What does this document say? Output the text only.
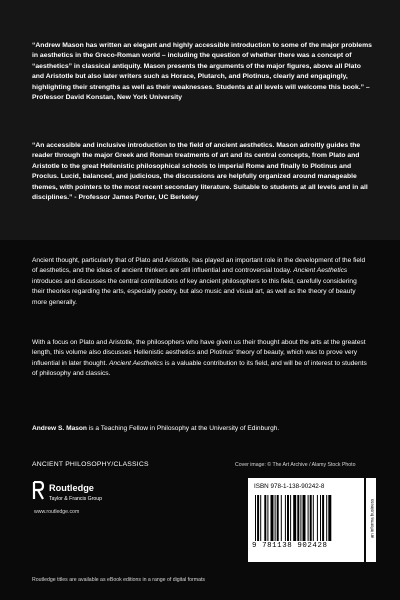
“Andrew Mason has written an elegant and highly accessible introduction to some of the major problems in aesthetics in the Greco-Roman world – including the question of whether there was a concept of “aesthetics” in classical antiquity. Mason presents the arguments of the major figures, above all Plato and Aristotle but also later writers such as Horace, Plutarch, and Plotinus, clearly and engagingly, highlighting their strengths as well as their weaknesses. Students at all levels will welcome this book.” – Professor David Konstan, New York University
“An accessible and inclusive introduction to the field of ancient aesthetics. Mason adroitly guides the reader through the major Greek and Roman treatments of art and its central concepts, from Plato and Aristotle to the great Hellenistic philosophical schools to imperial Rome and finally to Plotinus and Proclus. Lucid, balanced, and judicious, the discussions are helpfully organized around manageable themes, with pointers to the most recent secondary literature. Suitable to students at all levels and in all disciplines.” - Professor James Porter, UC Berkeley
Ancient thought, particularly that of Plato and Aristotle, has played an important role in the development of the field of aesthetics, and the ideas of ancient thinkers are still influential and controversial today. Ancient Aesthetics introduces and discusses the central contributions of key ancient philosophers to this field, carefully considering their theories regarding the arts, especially poetry, but also music and visual art, as well as the theory of beauty more generally.
With a focus on Plato and Aristotle, the philosophers who have given us their thought about the arts at the greatest length, this volume also discusses Hellenistic aesthetics and Plotinus’ theory of beauty, which was to prove very influential in later thought. Ancient Aesthetics is a valuable contribution to its field, and will be of interest to students of philosophy and classics.
Andrew S. Mason is a Teaching Fellow in Philosophy at the University of Edinburgh.
ANCIENT PHILOSOPHY/CLASSICS	Cover image: © The Art Archive / Alamy Stock Photo
Routledge
Taylor & Francis Group
www.routledge.com
ISBN 978-1-138-90242-8
9 781138 902428
an informa business
Routledge titles are available as eBook editions in a range of digital formats
